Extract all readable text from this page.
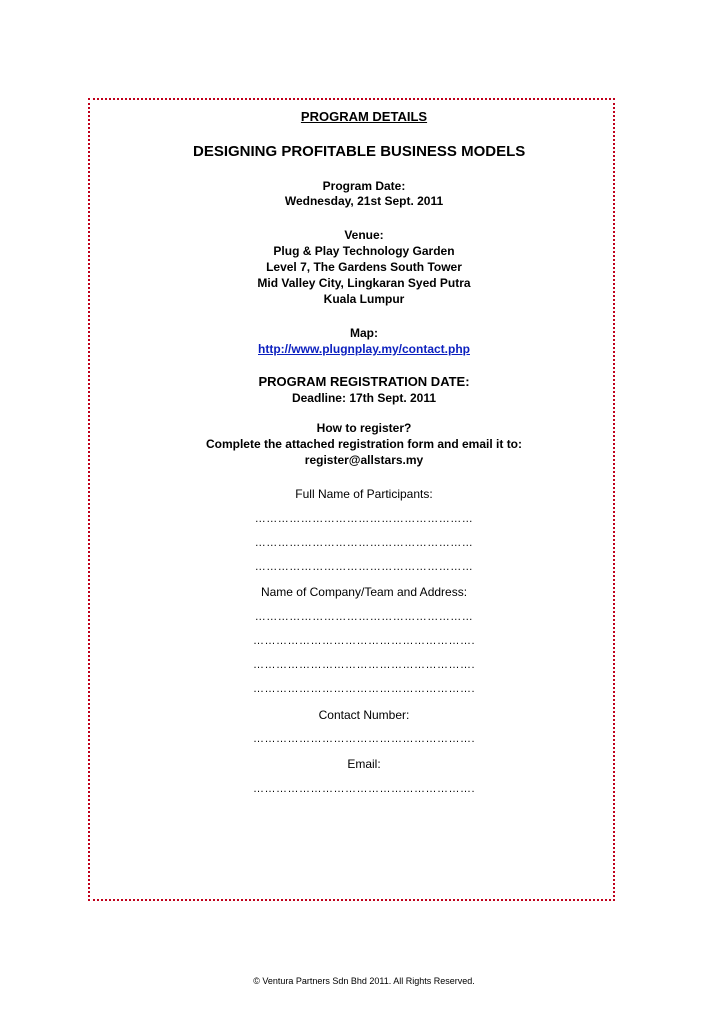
PROGRAM DETAILS
DESIGNING PROFITABLE BUSINESS MODELS
Program Date:
Wednesday, 21st Sept. 2011
Venue:
Plug & Play Technology Garden
Level 7, The Gardens South Tower
Mid Valley City, Lingkaran Syed Putra
Kuala Lumpur
Map:
http://www.plugnplay.my/contact.php
PROGRAM REGISTRATION DATE:
Deadline: 17th Sept. 2011
How to register?
Complete the attached registration form and email it to:
register@allstars.my
Full Name of Participants:
…………………………………………………
…………………………………………………
…………………………………………………
Name of Company/Team and Address:
…………………………………………………
………………………………………………….
………………………………………………….
………………………………………………….
Contact Number:
………………………………………………….
Email:
………………………………………………….
© Ventura Partners Sdn Bhd 2011. All Rights Reserved.
